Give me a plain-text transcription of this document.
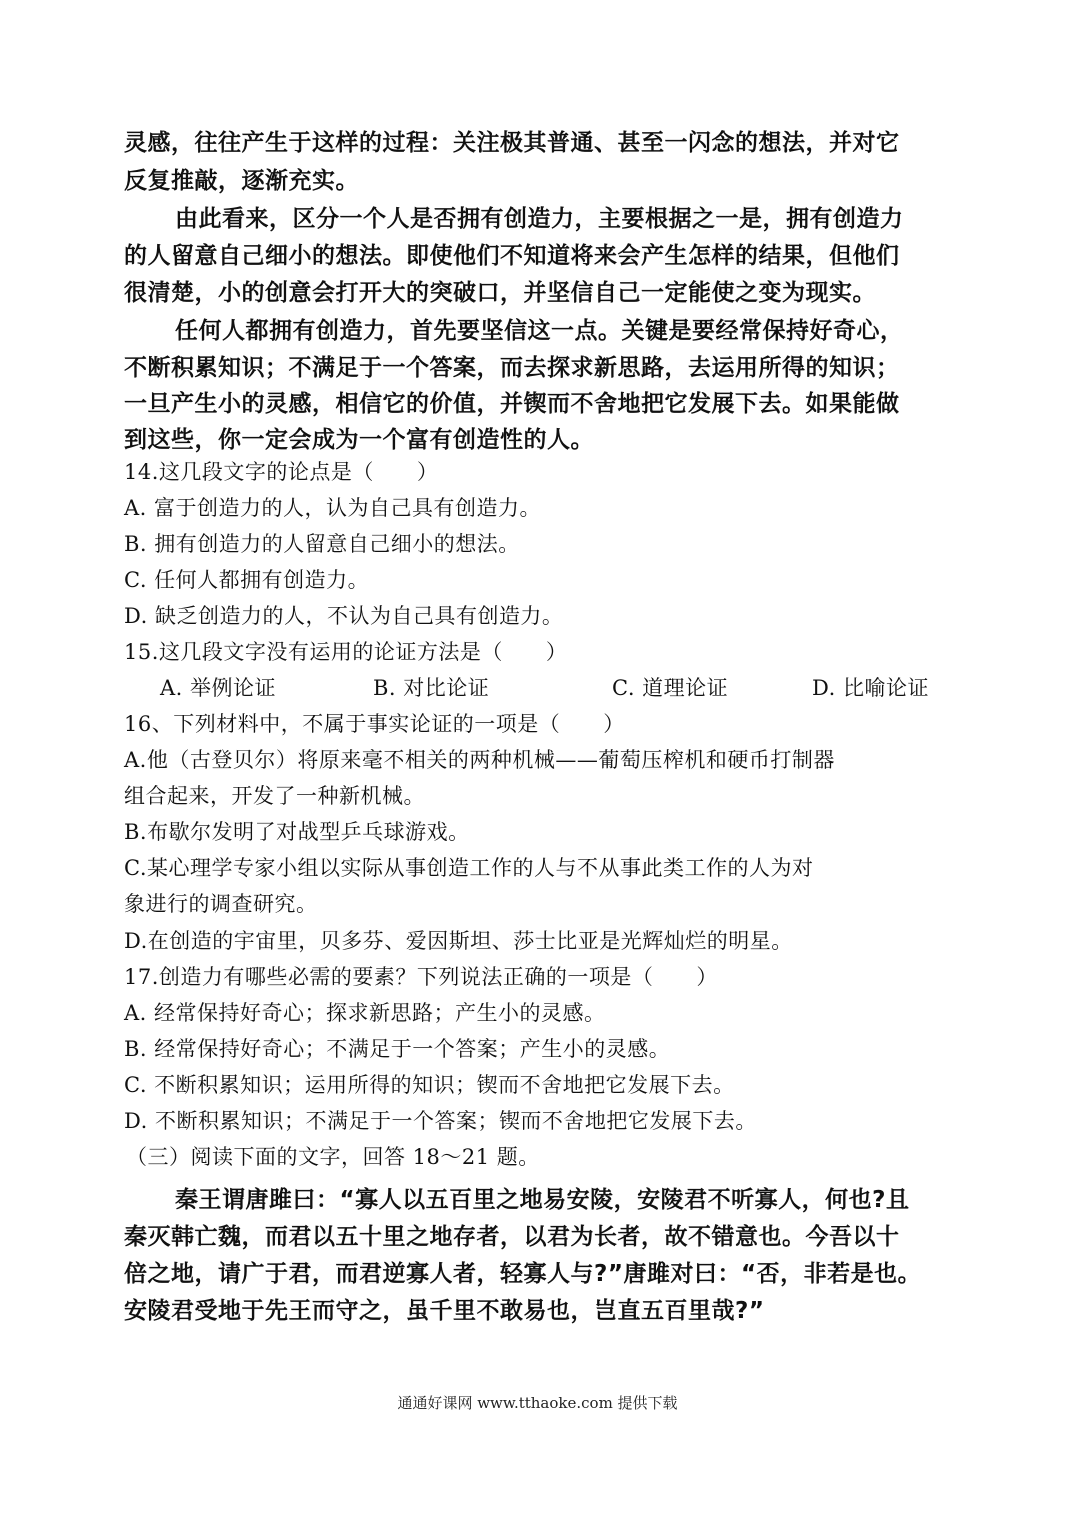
灵感，往往产生于这样的过程：关注极其普通、甚至一闪念的想法，并对它
反复推敲，逐渐充实。
由此看来，区分一个人是否拥有创造力，主要根据之一是，拥有创造力
的人留意自己细小的想法。即使他们不知道将来会产生怎样的结果，但他们
很清楚，小的创意会打开大的突破口，并坚信自己一定能使之变为现实。
任何人都拥有创造力，首先要坚信这一点。关键是要经常保持好奇心，
不断积累知识；不满足于一个答案，而去探求新思路，去运用所得的知识；
一旦产生小的灵感，相信它的价值，并锲而不舍地把它发展下去。如果能做
到这些，你一定会成为一个富有创造性的人。
14.这几段文字的论点是（　　）
A. 富于创造力的人，认为自己具有创造力。
B. 拥有创造力的人留意自己细小的想法。
C. 任何人都拥有创造力。
D. 缺乏创造力的人，不认为自己具有创造力。
15.这几段文字没有运用的论证方法是（　　）
A. 举例论证	B. 对比论证	C. 道理论证	D. 比喻论证
16、下列材料中，不属于事实论证的一项是（　　）
A.他（古登贝尔）将原来毫不相关的两种机械——葡萄压榨机和硬币打制器
组合起来，开发了一种新机械。
B.布歇尔发明了对战型乒乓球游戏。
C.某心理学专家小组以实际从事创造工作的人与不从事此类工作的人为对
象进行的调查研究。
D.在创造的宇宙里，贝多芬、爱因斯坦、莎士比亚是光辉灿烂的明星。
17.创造力有哪些必需的要素？下列说法正确的一项是（　　）
A. 经常保持好奇心；探求新思路；产生小的灵感。
B. 经常保持好奇心；不满足于一个答案；产生小的灵感。
C. 不断积累知识；运用所得的知识；锲而不舍地把它发展下去。
D. 不断积累知识；不满足于一个答案；锲而不舍地把它发展下去。
（三）阅读下面的文字，回答 18～21 题。
秦王谓唐雎曰：“寡人以五百里之地易安陵，安陵君不听寡人，何也?且
秦灭韩亡魏，而君以五十里之地存者，以君为长者，故不错意也。今吾以十
倍之地，请广于君，而君逆寡人者，轻寡人与?”唐雎对曰：“否，非若是也。
安陵君受地于先王而守之，虽千里不敢易也，岂直五百里哉?”
通通好课网 www.tthaoke.com 提供下载
